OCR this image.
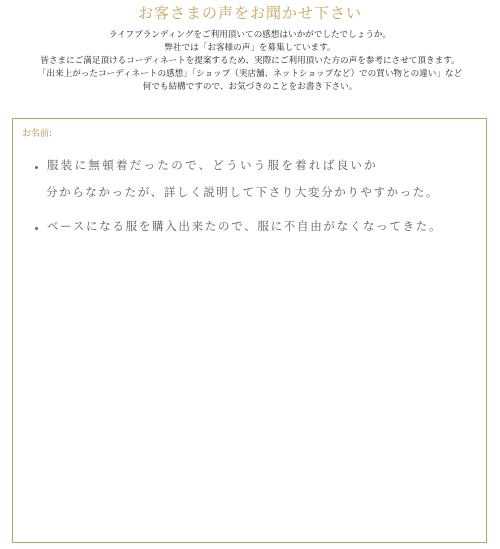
お客さまの声をお聞かせ下さい
ライフブランディングをご利用頂いての感想はいかがでしたでしょうか。
弊社では「お客様の声」を募集しています。
皆さまにご満足頂けるコーディネートを提案するため、実際にご利用頂いた方の声を参考にさせて頂きます。
「出来上がったコーディネートの感想」「ショップ（実店舗、ネットショップなど）での買い物との違い」など
何でも結構ですので、お気づきのことをお書き下さい。
お名前:
服装に無頓着だったので、どういう服を着れば良いか
分からなかったが、詳しく説明して下さり大変分かりやすかった。
ベースになる服を購入出来たので、服に不自由がなくなってきた。
